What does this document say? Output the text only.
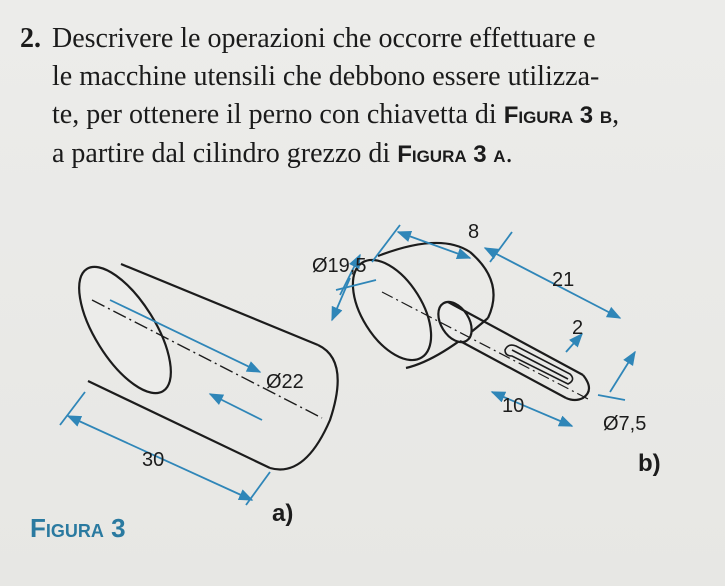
2. Descrivere le operazioni che occorre effettuare e
le macchine utensili che debbono essere utilizza-
te, per ottenere il perno con chiavetta di Figura 3 b,
a partire dal cilindro grezzo di Figura 3 a.
Ø22
30
8
Ø19,5
21
2
10
Ø7,5
b)
a)
Figura 3
